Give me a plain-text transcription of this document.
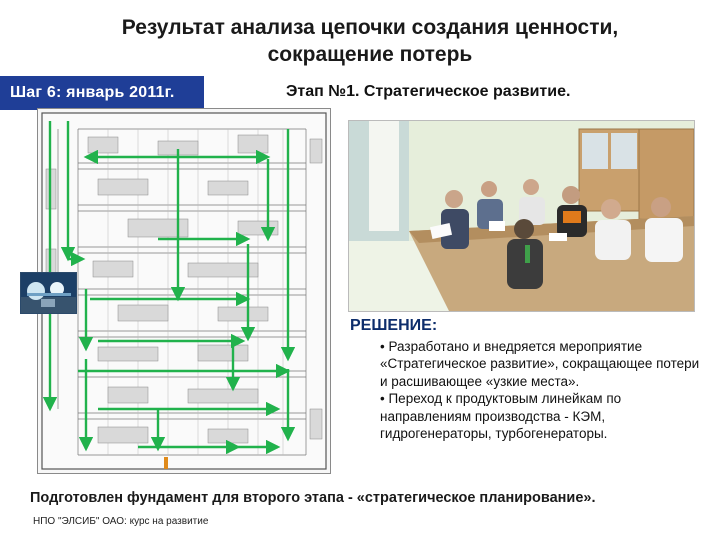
Результат анализа цепочки создания ценности,
сокращение потерь
Шаг 6: январь 2011г.	Этап №1. Стратегическое развитие.
РЕШЕНИЕ:

• Разработано и внедряется мероприятие «Стратегическое развитие», сокращающее потери и расшивающее «узкие места».

• Переход к продуктовым линейкам по направлениям производства - КЭМ, гидрогенераторы, турбогенераторы.

Подготовлен фундамент для второго этапа - «стратегическое планирование».
НПО "ЭЛСИБ" ОАО: курс на развитие
